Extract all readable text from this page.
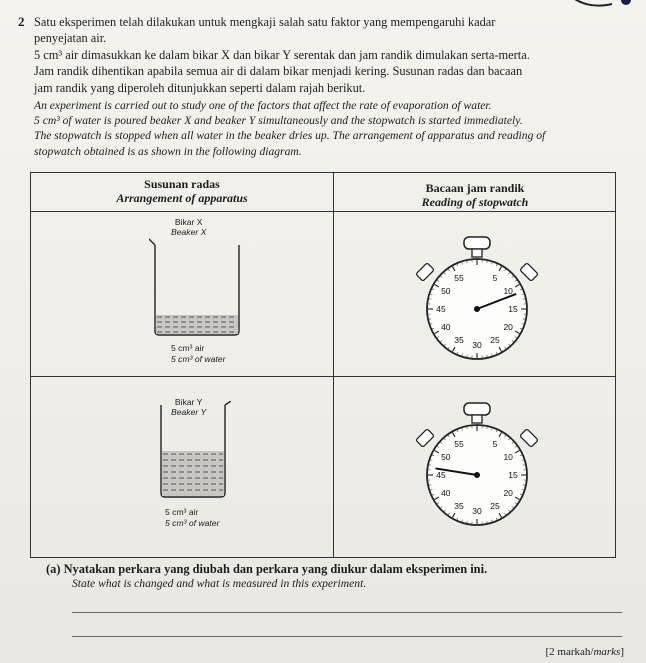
2 Satu eksperimen telah dilakukan untuk mengkaji salah satu faktor yang mempengaruhi kadar
penyejatan air.
5 cm³ air dimasukkan ke dalam bikar X dan bikar Y serentak dan jam randik dimulakan serta-merta.
Jam randik dihentikan apabila semua air di dalam bikar menjadi kering. Susunan radas dan bacaan
jam randik yang diperoleh ditunjukkan seperti dalam rajah berikut.
An experiment is carried out to study one of the factors that affect the rate of evaporation of water.
5 cm³ of water is poured beaker X and beaker Y simultaneously and the stopwatch is started immediately.
The stopwatch is stopped when all water in the beaker dries up. The arrangement of apparatus and reading of
stopwatch obtained is as shown in the following diagram.
Susunan radas
Arrangement of apparatus
Bacaan jam randik
Reading of stopwatch
Bikar X
Beaker X
5 cm³ air
5 cm³ of water
Bikar Y
Beaker Y
5 cm³ air
5 cm³ of water
5
10
15
20
25
30
35
40
45
50
55
5
10
15
20
25
30
35
40
45
50
55
(a) Nyatakan perkara yang diubah dan perkara yang diukur dalam eksperimen ini.
State what is changed and what is measured in this experiment.
[2 markah/marks]
